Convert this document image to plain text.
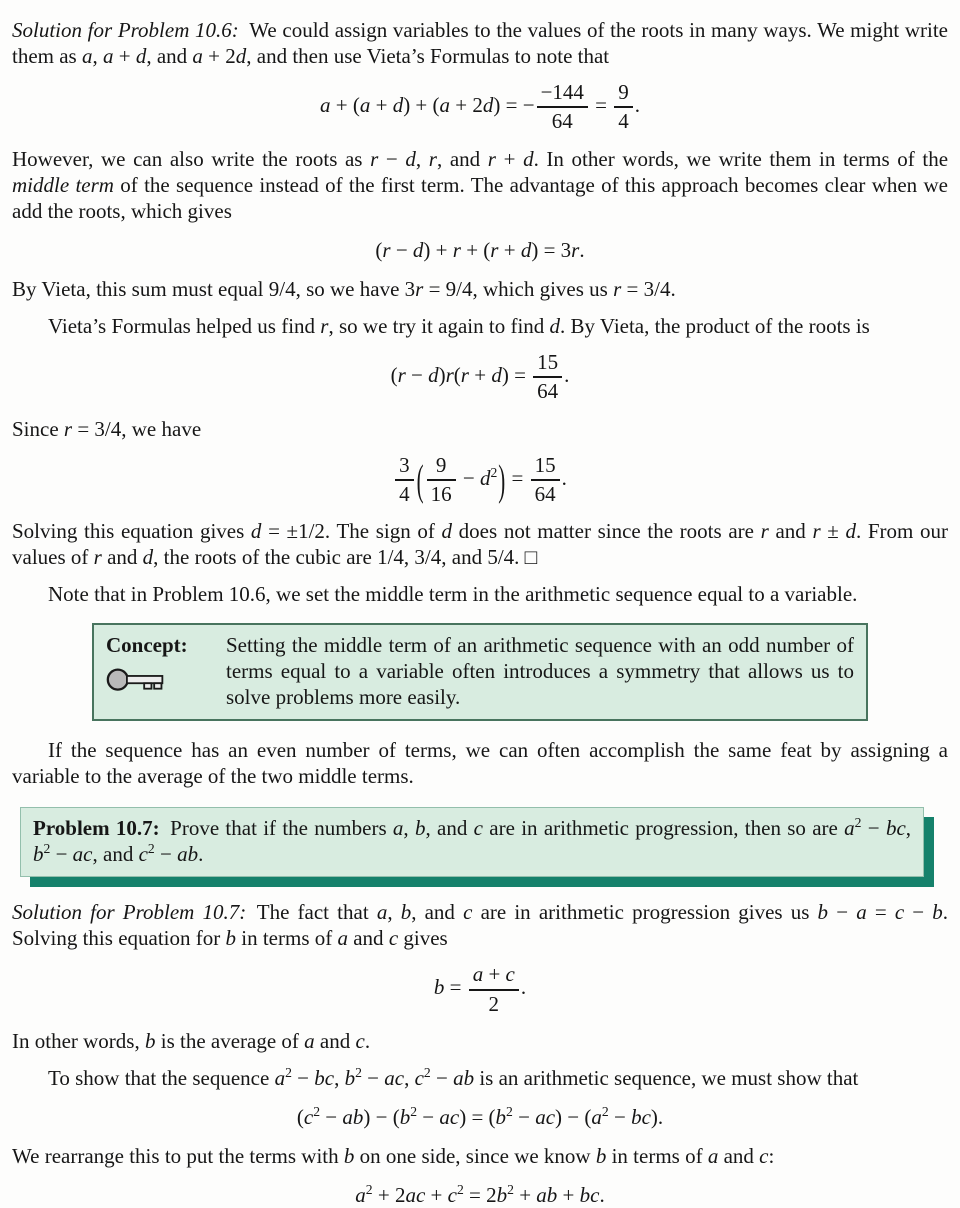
Solution for Problem 10.6: We could assign variables to the values of the roots in many ways. We might write them as a, a + d, and a + 2d, and then use Vieta’s Formulas to note that

a + (a + d) + (a + 2d) = − $\frac{-144}{64} = \frac{9}{4}$ .

However, we can also write the roots as r − d, r, and r + d. In other words, we write them in terms of the middle term of the sequence instead of the first term. The advantage of this approach becomes clear when we add the roots, which gives

(r − d) + r + (r + d) = 3r.

By Vieta, this sum must equal 9/4, so we have 3r = 9/4, which gives us r = 3/4.

Vieta’s Formulas helped us find r, so we try it again to find d. By Vieta, the product of the roots is

$(r - d)r(r + d) = \frac{15}{64}$ .

Since r = 3/4, we have

$\frac{3}{4}$ ( $\frac{9}{16} - d^2) = \frac{15}{64}$ .

Solving this equation gives d = ±1/2. The sign of d does not matter since the roots are r and r ± d. From our values of r and d, the roots of the cubic are 1/4, 3/4, and 5/4. □

Note that in Problem 10.6, we set the middle term in the arithmetic sequence equal to a variable.

Concept:	Setting the middle term of an arithmetic sequence with an odd number of terms equal to a variable often introduces a symmetry that allows us to solve problems more easily.

If the sequence has an even number of terms, we can often accomplish the same feat by assigning a variable to the average of the two middle terms.

Problem 10.7: Prove that if the numbers a, b, and c are in arithmetic progression, then so are $a^2$ − bc, $b^2$ − ac, and $c^2$ − ab.

Solution for Problem 10.7: The fact that a, b, and c are in arithmetic progression gives us b − a = c − b. Solving this equation for b in terms of a and c gives

$b = \frac{a + c}{2}$ .

In other words, b is the average of a and c.

To show that the sequence $a^2$ − bc, $b^2$ − ac, $c^2$ − ab is an arithmetic sequence, we must show that

$(c^2 - ab) - (b^2 - ac) = (b^2 - ac) - (a^2 - bc)$.

We rearrange this to put the terms with b on one side, since we know b in terms of a and c:

$a^2 + 2ac + c^2 = 2b^2$ + ab + bc.
